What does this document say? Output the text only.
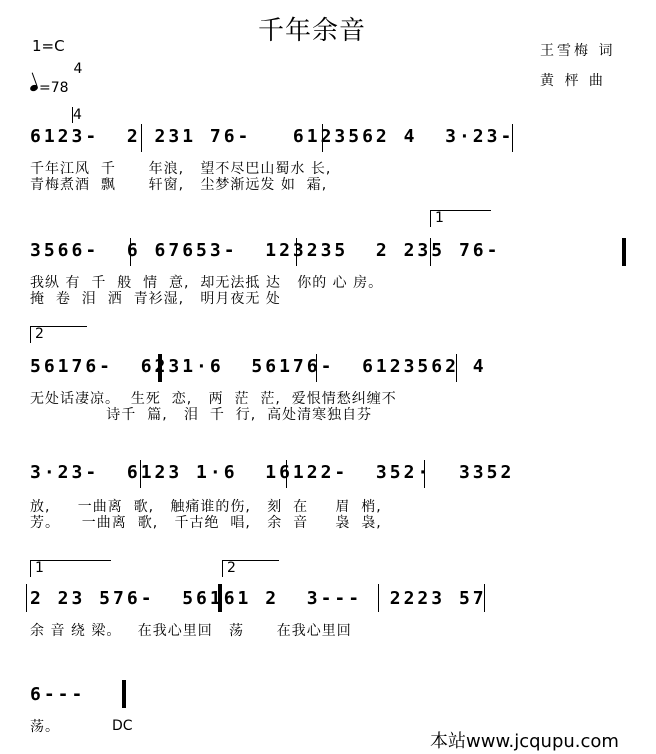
千年余音
1=C

4

4

=78
王雪梅 词
黄 枰 曲
6123-  2 231 76-   6123562 4  3·23-
千年江风  千      年浪,   望不尽巴山蜀水 长,
青梅煮酒  飘      轩窗,   尘梦渐远发 如  霜,
1
3566-  6 67653-  123235  2 235 76-
我纵 有  千  般  情  意,  却无法抵 达   你的 心 房。
掩  卷  泪  洒  青衫湿,   明月夜无 处
2
56176-  6231·6  56176-  6123562 4
无处话凄凉。  生死  恋,   两  茫  茫,  爱恨情愁纠缠不
诗千  篇,   泪  千  行,  高处清寒独自芬
3·23-  6123 1·6  16122-  352·  3352
放,     一曲离  歌,   触痛谁的伤,   刻  在     眉  梢,
芳。    一曲离  歌,   千古绝  唱,   余  音     袅  袅,
1	2
2 23 576-  56161 2  3---  2223 57
余 音 绕 梁。   在我心里回   荡      在我心里回
6---
荡。	DC
本站www.jcqupu.com
